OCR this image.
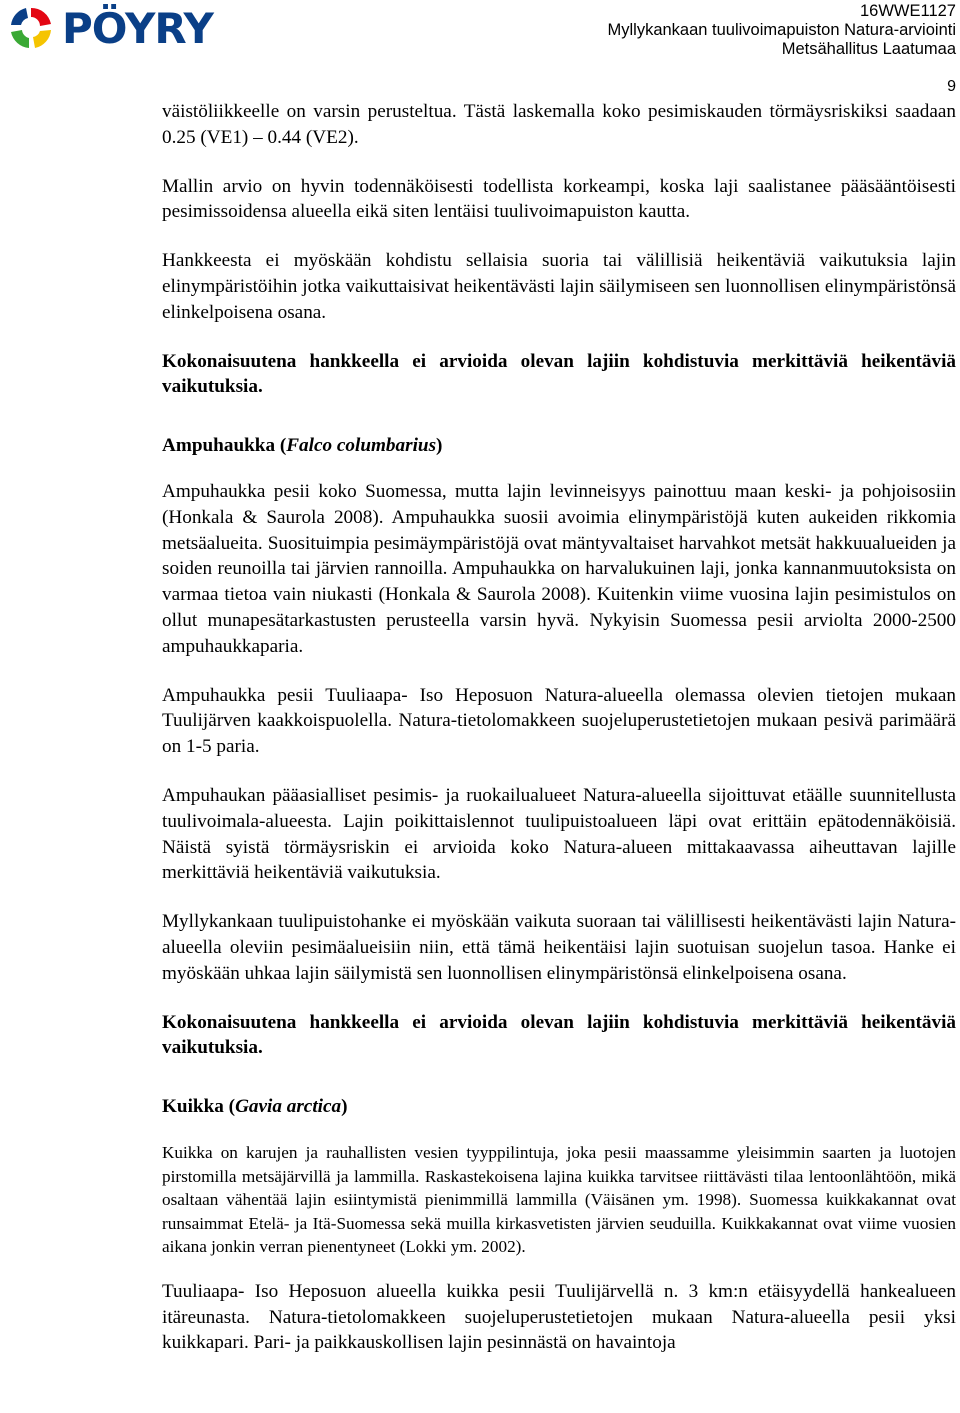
PÖYRY	16WWE1127
Myllykankaan tuulivoimapuiston Natura-arviointi
Metsähallitus Laatumaa
9

väistöliikkeelle on varsin perusteltua. Tästä laskemalla koko pesimiskauden törmäysriskiksi saadaan 0.25 (VE1) – 0.44 (VE2).

Mallin arvio on hyvin todennäköisesti todellista korkeampi, koska laji saalistanee pääsääntöisesti pesimissoidensa alueella eikä siten lentäisi tuulivoimapuiston kautta.

Hankkeesta ei myöskään kohdistu sellaisia suoria tai välillisiä heikentäviä vaikutuksia lajin elinympäristöihin jotka vaikuttaisivat heikentävästi lajin säilymiseen sen luonnollisen elinympäristönsä elinkelpoisena osana.

Kokonaisuutena hankkeella ei arvioida olevan lajiin kohdistuvia merkittäviä heikentäviä vaikutuksia.

Ampuhaukka (Falco columbarius)

Ampuhaukka pesii koko Suomessa, mutta lajin levinneisyys painottuu maan keski- ja pohjoisosiin (Honkala & Saurola 2008). Ampuhaukka suosii avoimia elinympäristöjä kuten aukeiden rikkomia metsäalueita. Suosituimpia pesimäympäristöjä ovat mäntyvaltaiset harvahkot metsät hakkuualueiden ja soiden reunoilla tai järvien rannoilla. Ampuhaukka on harvalukuinen laji, jonka kannanmuutoksista on varmaa tietoa vain niukasti (Honkala & Saurola 2008). Kuitenkin viime vuosina lajin pesimistulos on ollut munapesätarkastusten perusteella varsin hyvä. Nykyisin Suomessa pesii arviolta 2000-2500 ampuhaukkaparia.

Ampuhaukka pesii Tuuliaapa- Iso Heposuon Natura-alueella olemassa olevien tietojen mukaan Tuulijärven kaakkoispuolella. Natura-tietolomakkeen suojeluperustetietojen mukaan pesivä parimäärä on 1-5 paria.

Ampuhaukan pääasialliset pesimis- ja ruokailualueet Natura-alueella sijoittuvat etäälle suunnitellusta tuulivoimala-alueesta. Lajin poikittaislennot tuulipuistoalueen läpi ovat erittäin epätodennäköisiä. Näistä syistä törmäysriskin ei arvioida koko Natura-alueen mittakaavassa aiheuttavan lajille merkittäviä heikentäviä vaikutuksia.

Myllykankaan tuulipuistohanke ei myöskään vaikuta suoraan tai välillisesti heikentävästi lajin Natura-alueella oleviin pesimäalueisiin niin, että tämä heikentäisi lajin suotuisan suojelun tasoa. Hanke ei myöskään uhkaa lajin säilymistä sen luonnollisen elinympäristönsä elinkelpoisena osana.

Kokonaisuutena hankkeella ei arvioida olevan lajiin kohdistuvia merkittäviä heikentäviä vaikutuksia.

Kuikka (Gavia arctica)

Kuikka on karujen ja rauhallisten vesien tyyppilintuja, joka pesii maassamme yleisimmin saarten ja luotojen pirstomilla metsäjärvillä ja lammilla. Raskastekoisena lajina kuikka tarvitsee riittävästi tilaa lentoonlähtöön, mikä osaltaan vähentää lajin esiintymistä pienimmillä lammilla (Väisänen ym. 1998). Suomessa kuikkakannat ovat runsaimmat Etelä- ja Itä-Suomessa sekä muilla kirkasvetisten järvien seuduilla. Kuikkakannat ovat viime vuosien aikana jonkin verran pienentyneet (Lokki ym. 2002).

Tuuliaapa- Iso Heposuon alueella kuikka pesii Tuulijärvellä n. 3 km:n etäisyydellä hankealueen itäreunasta. Natura-tietolomakkeen suojeluperustetietojen mukaan Natura-alueella pesii yksi kuikkapari. Pari- ja paikkauskollisen lajin pesinnästä on havaintoja
